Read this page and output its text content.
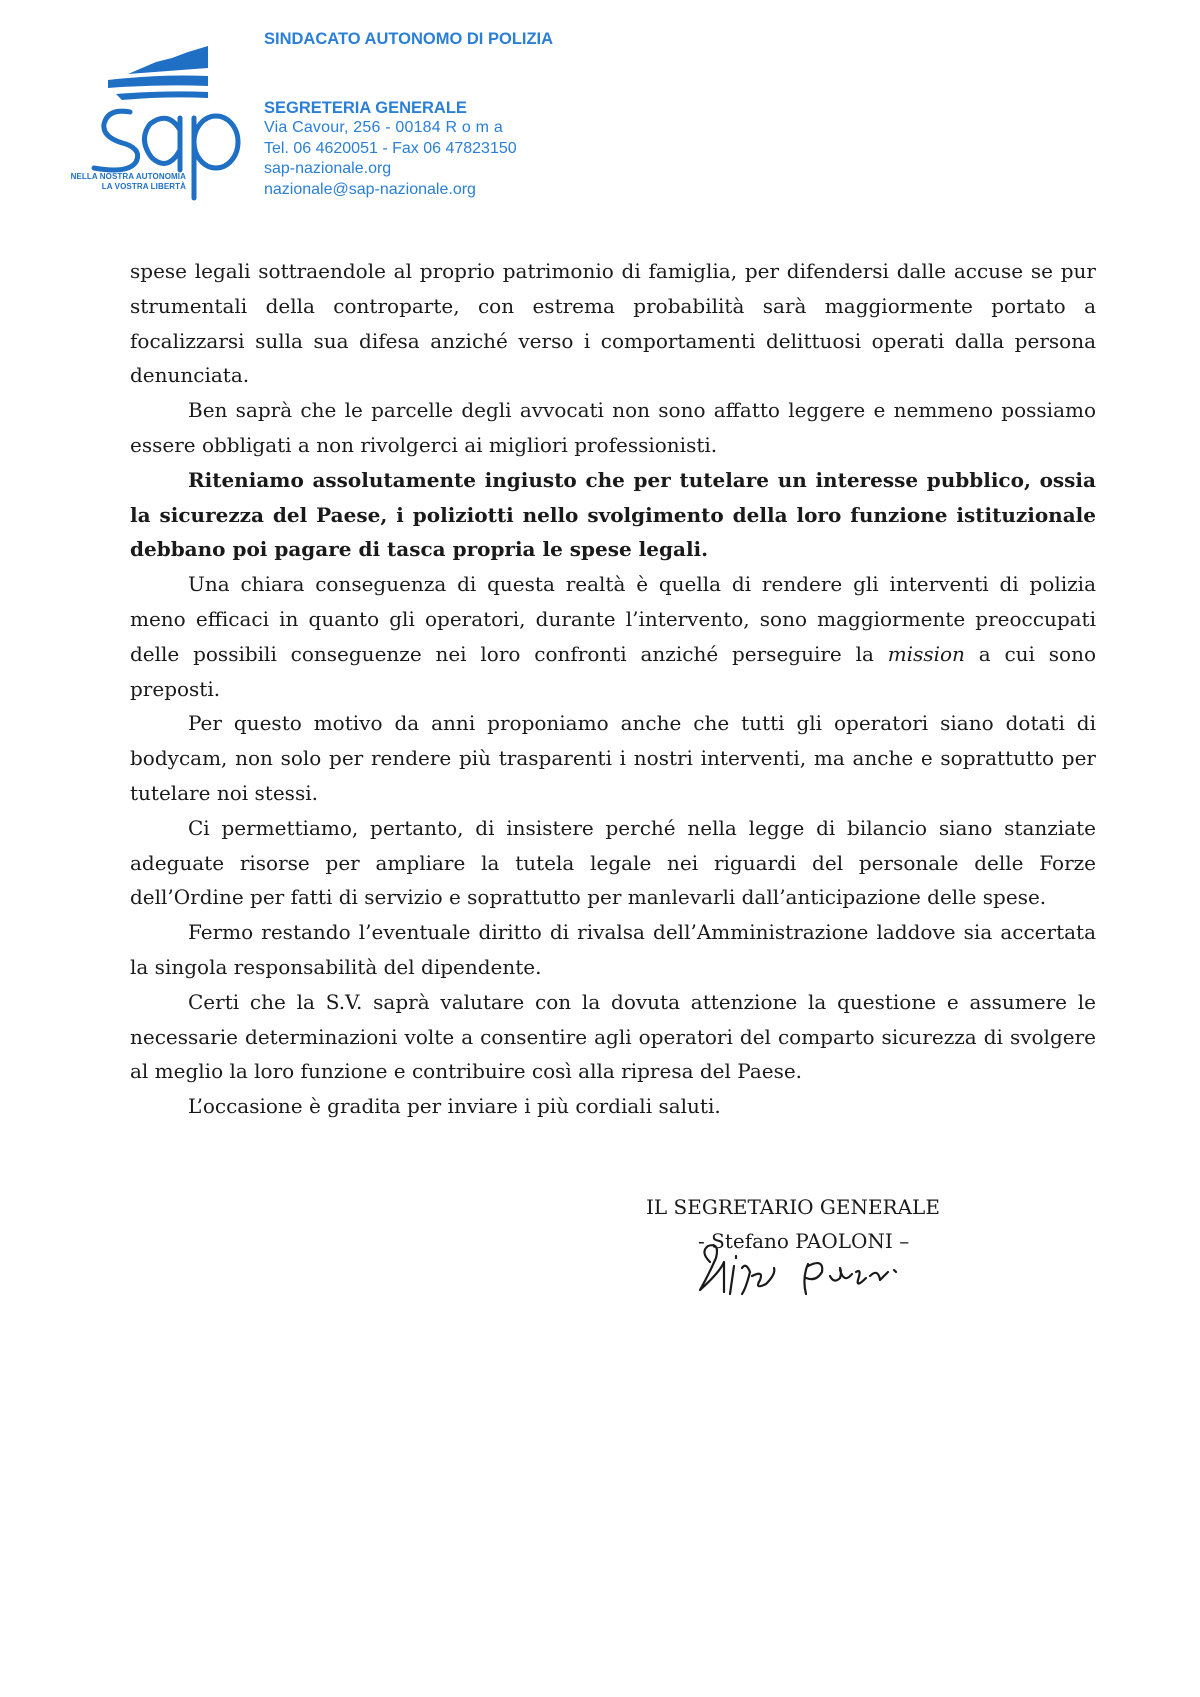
NELLA NOSTRA AUTONOMIA
LA VOSTRA LIBERTÀ
SINDACATO AUTONOMO DI POLIZIA
SEGRETERIA GENERALE
Via Cavour, 256 - 00184 R o m a
Tel. 06 4620051 - Fax 06 47823150
sap-nazionale.org
nazionale@sap-nazionale.org

spese legali sottraendole al proprio patrimonio di famiglia, per difendersi dalle accuse se pur strumentali della controparte, con estrema probabilità sarà maggiormente portato a focalizzarsi sulla sua difesa anziché verso i comportamenti delittuosi operati dalla persona denunciata.

Ben saprà che le parcelle degli avvocati non sono affatto leggere e nemmeno possiamo essere obbligati a non rivolgerci ai migliori professionisti.

Riteniamo assolutamente ingiusto che per tutelare un interesse pubblico, ossia la sicurezza del Paese, i poliziotti nello svolgimento della loro funzione istituzionale debbano poi pagare di tasca propria le spese legali.

Una chiara conseguenza di questa realtà è quella di rendere gli interventi di polizia meno efficaci in quanto gli operatori, durante l’intervento, sono maggiormente preoccupati delle possibili conseguenze nei loro confronti anziché perseguire la mission a cui sono preposti.

Per questo motivo da anni proponiamo anche che tutti gli operatori siano dotati di bodycam, non solo per rendere più trasparenti i nostri interventi, ma anche e soprattutto per tutelare noi stessi.

Ci permettiamo, pertanto, di insistere perché nella legge di bilancio siano stanziate adeguate risorse per ampliare la tutela legale nei riguardi del personale delle Forze dell’Ordine per fatti di servizio e soprattutto per manlevarli dall’anticipazione delle spese.

Fermo restando l’eventuale diritto di rivalsa dell’Amministrazione laddove sia accertata la singola responsabilità del dipendente.

Certi che la S.V. saprà valutare con la dovuta attenzione la questione e assumere le necessarie determinazioni volte a consentire agli operatori del comparto sicurezza di svolgere al meglio la loro funzione e contribuire così alla ripresa del Paese.

L’occasione è gradita per inviare i più cordiali saluti.

IL SEGRETARIO GENERALE
- Stefano PAOLONI –
